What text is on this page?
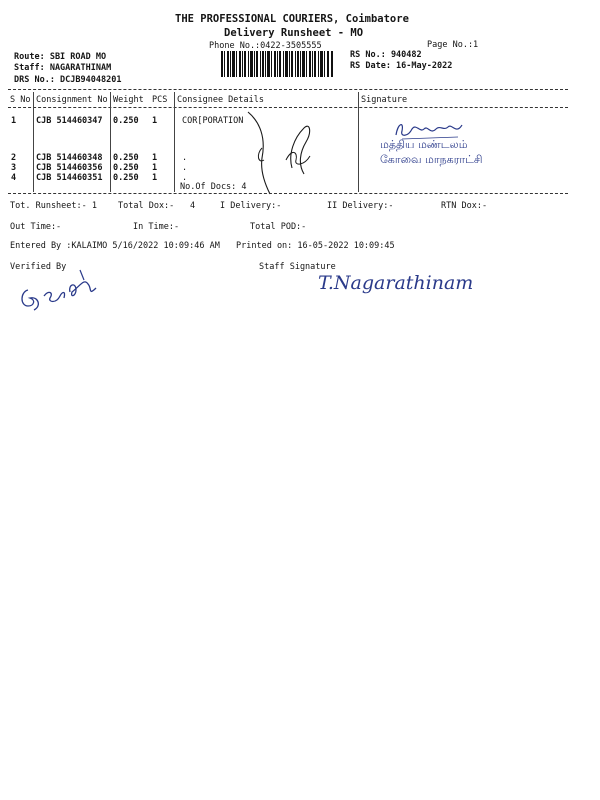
THE PROFESSIONAL COURIERS, Coimbatore
Delivery Runsheet - MO
Phone No.:0422-3505555	Page No.:1
Route: SBI ROAD MO
Staff: NAGARATHINAM
DRS No.: DCJB94048201
RS No.: 940482
RS Date: 16-May-2022
S No Consignment No Weight PCS Consignee Details	Signature
1 CJB 514460347 0.250 1	COR[PORATION
2 CJB 514460348 0.250 1	.
3 CJB 514460356 0.250 1	.
4 CJB 514460351 0.250 1	.
No.Of Docs: 4
மத்திய மண்டலம்
கோவை மாநகராட்சி
Tot. Runsheet:- 1 Total Dox:- 4	I Delivery:-	II Delivery:-	RTN Dox:-
Out Time:-	In Time:-	Total POD:-
Entered By :KALAIMO 5/16/2022 10:09:46 AM Printed on: 16-05-2022 10:09:45
Verified By	Staff Signature
T.Nagarathinam
